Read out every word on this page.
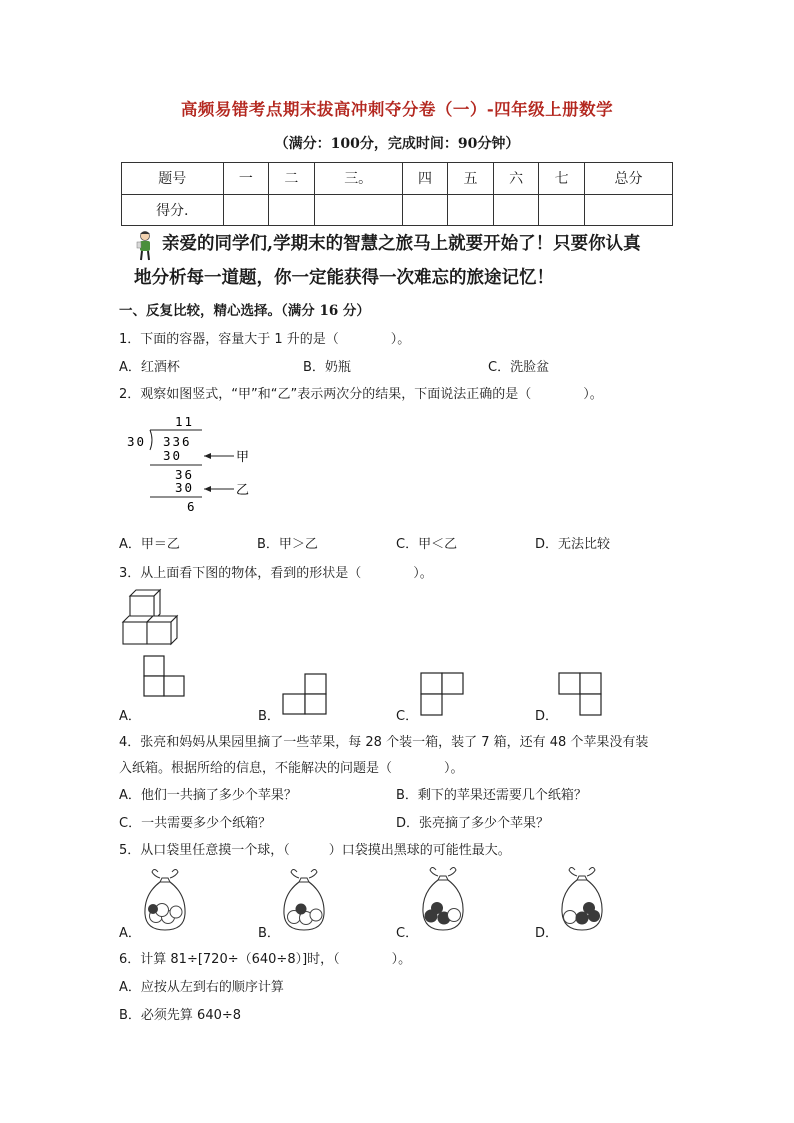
高频易错考点期末拔高冲刺夺分卷（一）-四年级上册数学
（满分：100分，完成时间：90分钟）
题号	一	二	三。	四	五	六	七	总分
得分.								
亲爱的同学们,学期末的智慧之旅马上就要开始了！只要你认真
地分析每一道题，你一定能获得一次难忘的旅途记忆！
一、反复比较，精心选择。（满分 16 分）
1．下面的容器，容量大于 1 升的是（　　　　）。
A．红酒杯	B．奶瓶	C．洗脸盆
2．观察如图竖式，“甲”和“乙”表示两次分的结果，下面说法正确的是（　　　　）。
11
30 336
30	甲
36
30	乙
6
A．甲＝乙	B．甲＞乙	C．甲＜乙	D．无法比较
3．从上面看下图的物体，看到的形状是（　　　　）。
A．	B．	C．	D．
4．张亮和妈妈从果园里摘了一些苹果，每 28 个装一箱，装了 7 箱，还有 48 个苹果没有装
入纸箱。根据所给的信息，不能解决的问题是（　　　　）。
A．他们一共摘了多少个苹果？	B．剩下的苹果还需要几个纸箱？
C．一共需要多少个纸箱？	D．张亮摘了多少个苹果？
5．从口袋里任意摸一个球，（　　　）口袋摸出黑球的可能性最大。
A．	B．	C．	D．
6．计算 81÷[720÷（640÷8）]时，（　　　　）。
A．应按从左到右的顺序计算
B．必须先算 640÷8
